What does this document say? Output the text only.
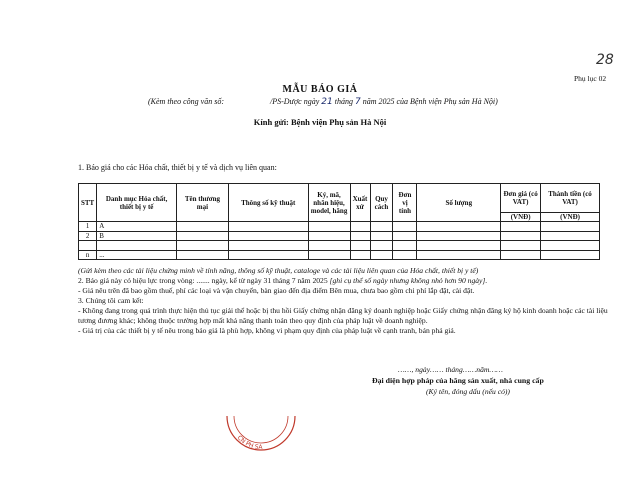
28
Phụ lục 02
MẪU BÁO GIÁ
(Kèm theo công văn số:	/PS-Dược ngày 21 tháng 7 năm 2025 của Bệnh viện Phụ sản Hà Nội)
Kính gửi: Bệnh viện Phụ sản Hà Nội
1. Báo giá cho các Hóa chất, thiết bị y tế và dịch vụ liên quan:
STT	Danh mục Hóa chất, thiết bị y tế	Tên thương mại	Thông số kỹ thuật	Ký, mã, nhãn hiệu, model, hãng	Xuất xứ	Quy cách	Đơn vị tính	Số lượng	Đơn giá (có VAT)	Thành tiền (có VAT)
									(VNĐ)	(VNĐ)
1	A									
2	B									

n	...									

(Gửi kèm theo các tài liệu chứng minh về tính năng, thông số kỹ thuật, cataloge và các tài liệu liên quan của Hóa chất, thiết bị y tế)

2. Báo giá này có hiệu lực trong vòng: ....... ngày, kể từ ngày 31 tháng 7 năm 2025 [ghi cụ thể số ngày nhưng không nhỏ hơn 90 ngày].

- Giá nêu trên đã bao gồm thuế, phí các loại và vận chuyển, bàn giao đến địa điểm Bên mua, chưa bao gồm chi phí lắp đặt, cài đặt.

3. Chúng tôi cam kết:

- Không đang trong quá trình thực hiện thủ tục giải thể hoặc bị thu hồi Giấy chứng nhận đăng ký doanh nghiệp hoặc Giấy chứng nhận đăng ký hộ kinh doanh hoặc các tài liệu tương đương khác; không thuộc trường hợp mất khả năng thanh toán theo quy định của pháp luật về doanh nghiệp.

- Giá trị của các thiết bị y tế nêu trong báo giá là phù hợp, không vi phạm quy định của pháp luật về cạnh tranh, bán phá giá.

……, ngày…… tháng……năm……
Đại diện hợp pháp của hãng sản xuất, nhà cung cấp
(Ký tên, đóng dấu (nếu có))
CN PH SA
